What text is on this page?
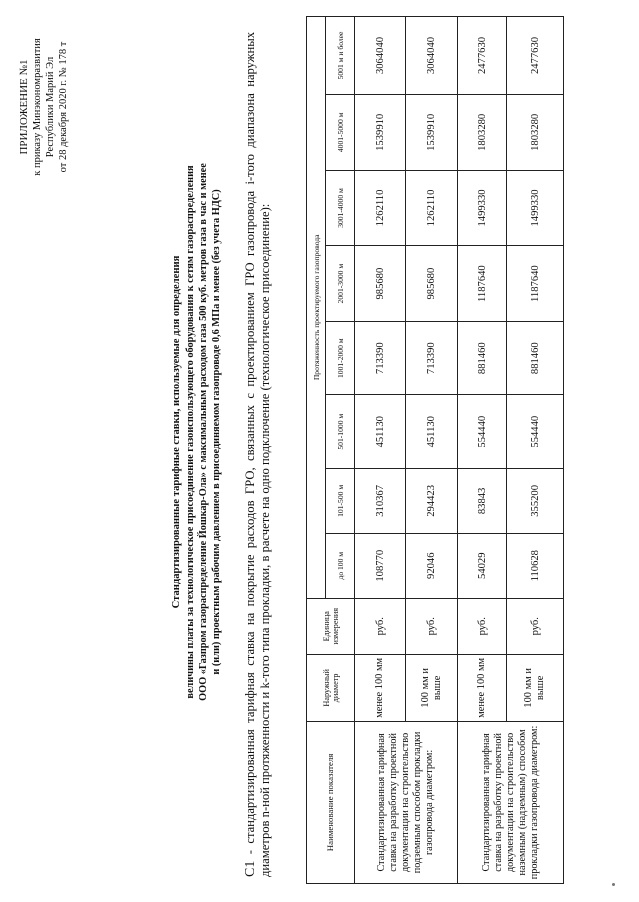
ПРИЛОЖЕНИЕ №1 к приказу Минэкономразвития Республики Марий Эл от 28 декабря 2020 г. № 178 т
Стандартизированные тарифные ставки, используемые для определения величины платы за технологическое присоединение газоиспользующего оборудования к сетям газораспределения ООО «Газпром газораспределение Йошкар-Ола» с максимальным расходом газа 500 куб. метров газа в час и менее и (или) проектным рабочим давлением в присоединяемом газопроводе 0,6 МПа и менее (без учета НДС)
C1 - стандартизированная тарифная ставка на покрытие расходов ГРО, связанных с проектированием ГРО газопровода i-того диапазона наружных диаметров n-ной протяженности и k-того типа прокладки, в расчете на одно подключение (технологическое присоединение):	Наименование показателя	Наружный диаметр	Единица измерения	Протяженность проектируемого газопровода							
			до 100 м	101-500 м	501-1000 м	1001-2000 м	2001-3000 м	3001-4000 м	4001-5000 м	5001 м и более
Стандартизированная тарифная ставка на разработку проектной документации на строительство подземным способом прокладки газопровода диаметром:	менее 100 мм	руб.	108770	310367	451130	713390	985680	1262110	1539910	3064040
	100 мм и выше	руб.	92046	294423	451130	713390	985680	1262110	1539910	3064040
Стандартизированная тарифная ставка на разработку проектной документации на строительство наземным (надземным) способом прокладки газопровода диаметром:	менее 100 мм	руб.	54029	83843	554440	881460	1187640	1499330	1803280	2477630
	100 мм и выше	руб.	110628	355200	554440	881460	1187640	1499330	1803280	2477630
